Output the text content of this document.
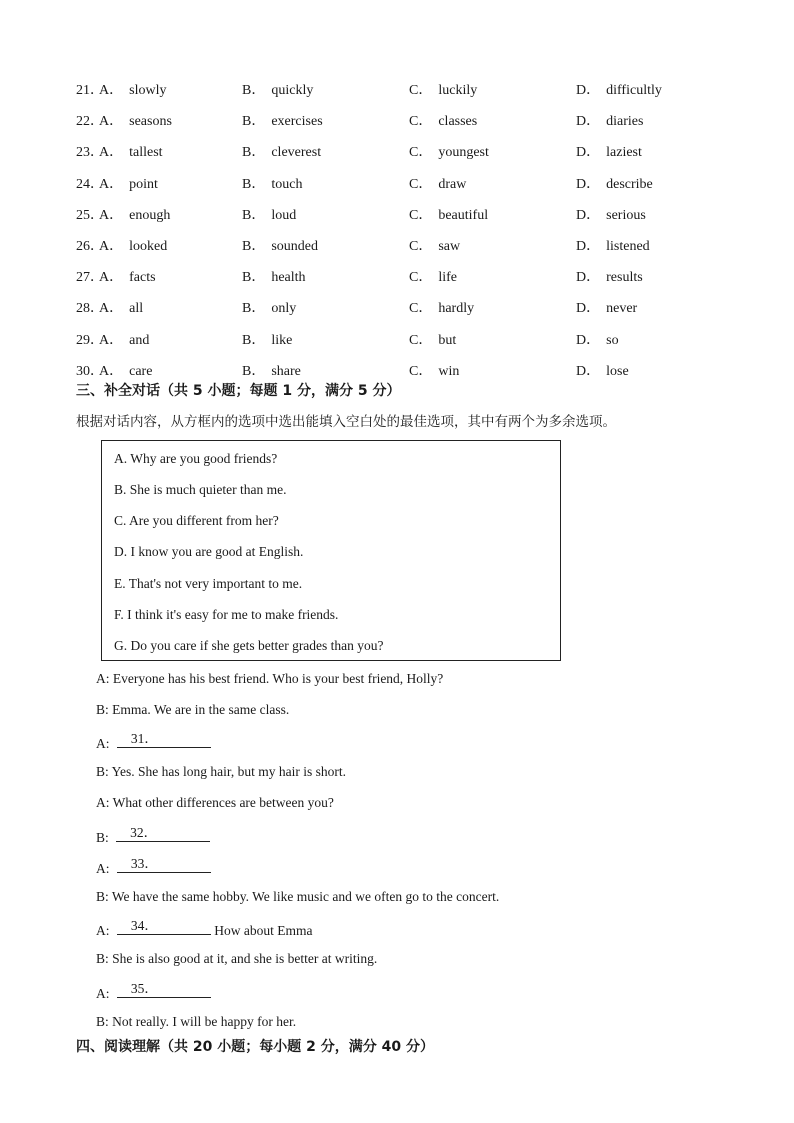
21．
A． slowly	B． quickly	C． luckily	D． difficultly
22．
A． seasons	B． exercises	C． classes	D． diaries
23．
A． tallest	B． cleverest	C． youngest	D． laziest
24．
A． point	B． touch	C． draw	D． describe
25．
A． enough	B． loud	C． beautiful	D． serious
26．
A． looked	B． sounded	C． saw	D． listened
27．
A． facts	B． health	C． life	D． results
28．
A． all	B． only	C． hardly	D． never
29．
A． and	B． like	C． but	D． so
30．
A． care	B． share	C． win	D． lose
三、补全对话（共 5 小题；每题 1 分，满分 5 分）
根据对话内容，从方框内的选项中选出能填入空白处的最佳选项，其中有两个为多余选项。
A. Why are you good friends?
B. She is much quieter than me.
C. Are you different from her?
D. I know you are good at English.
E. That's not very important to me.
F. I think it's easy for me to make friends.
G. Do you care if she gets better grades than you?
A: Everyone has his best friend. Who is your best friend, Holly?
B: Emma. We are in the same class.
A: 31．
B: Yes. She has long hair, but my hair is short.
A: What other differences are between you?
B: 32．
A: 33．
B: We have the same hobby. We like music and we often go to the concert.
A: 34．	How about Emma
B: She is also good at it, and she is better at writing.
A: 35．
B: Not really. I will be happy for her.
四、阅读理解（共 20 小题；每小题 2 分，满分 40 分）
